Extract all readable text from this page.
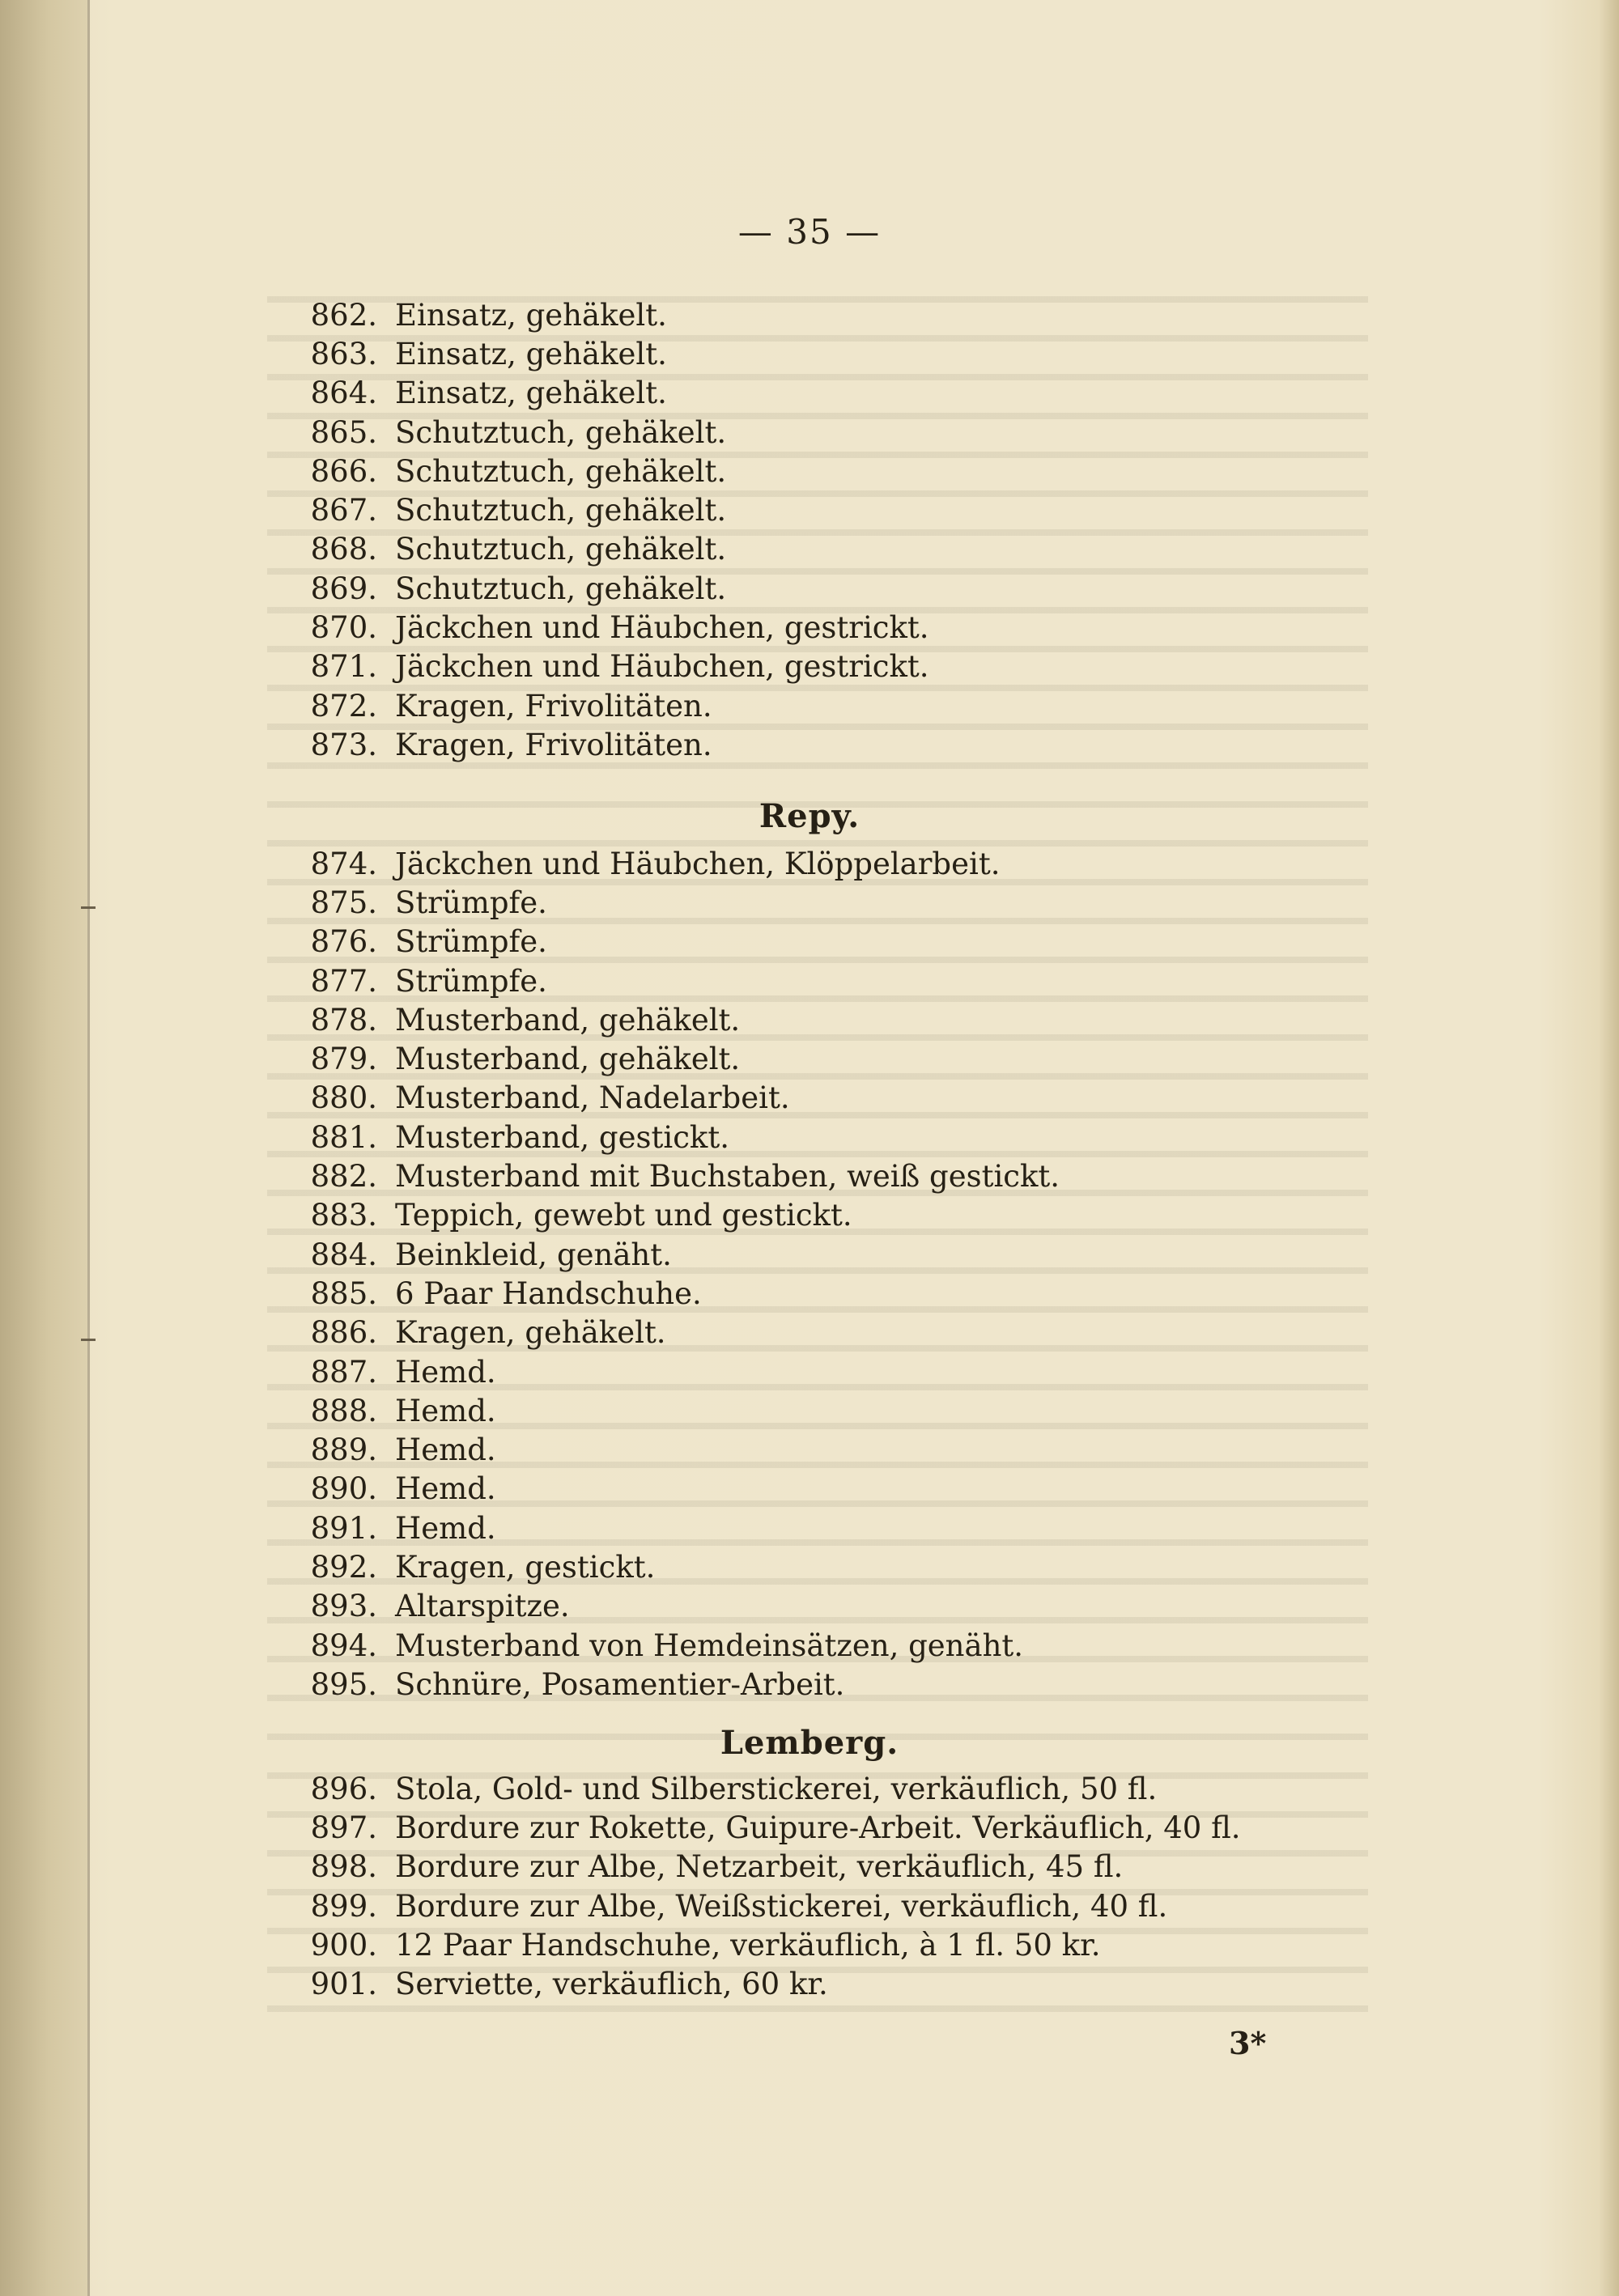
— 35 —
862. Einsatz, gehäkelt.
863. Einsatz, gehäkelt.
864. Einsatz, gehäkelt.
865. Schutztuch, gehäkelt.
866. Schutztuch, gehäkelt.
867. Schutztuch, gehäkelt.
868. Schutztuch, gehäkelt.
869. Schutztuch, gehäkelt.
870. Jäckchen und Häubchen, gestrickt.
871. Jäckchen und Häubchen, gestrickt.
872. Kragen, Frivolitäten.
873. Kragen, Frivolitäten.
Repy.
874. Jäckchen und Häubchen, Klöppelarbeit.
875. Strümpfe.
876. Strümpfe.
877. Strümpfe.
878. Musterband, gehäkelt.
879. Musterband, gehäkelt.
880. Musterband, Nadelarbeit.
881. Musterband, gestickt.
882. Musterband mit Buchstaben, weiß gestickt.
883. Teppich, gewebt und gestickt.
884. Beinkleid, genäht.
885. 6 Paar Handschuhe.
886. Kragen, gehäkelt.
887. Hemd.
888. Hemd.
889. Hemd.
890. Hemd.
891. Hemd.
892. Kragen, gestickt.
893. Altarspitze.
894. Musterband von Hemdeinsätzen, genäht.
895. Schnüre, Posamentier-Arbeit.
Lemberg.
896. Stola, Gold- und Silberstickerei, verkäuflich, 50 fl.
897. Bordure zur Rokette, Guipure-Arbeit. Verkäuflich, 40 fl.
898. Bordure zur Albe, Netzarbeit, verkäuflich, 45 fl.
899. Bordure zur Albe, Weißstickerei, verkäuflich, 40 fl.
900. 12 Paar Handschuhe, verkäuflich, à 1 fl. 50 kr.
901. Serviette, verkäuflich, 60 kr.
3*
